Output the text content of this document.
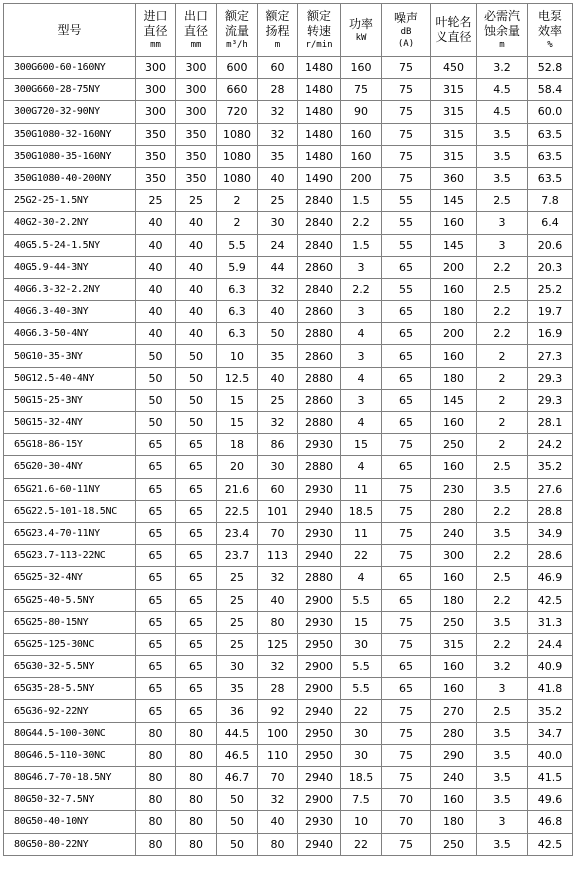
型号	进口
直径
mm	出口
直径
mm	额定
流量
m³/h	额定
扬程
m	额定
转速
r/min	功率
kW	噪声
dB (A)	叶轮名
义直径	必需汽
蚀余量
m	电泵
效率
%

300G600-60-160NY	300	300	600	60	1480	160	75	450	3.2	52.8
300G660-28-75NY	300	300	660	28	1480	75	75	315	4.5	58.4
300G720-32-90NY	300	300	720	32	1480	90	75	315	4.5	60.0
350G1080-32-160NY	350	350	1080	32	1480	160	75	315	3.5	63.5
350G1080-35-160NY	350	350	1080	35	1480	160	75	315	3.5	63.5
350G1080-40-200NY	350	350	1080	40	1490	200	75	360	3.5	63.5
25G2-25-1.5NY	25	25	2	25	2840	1.5	55	145	2.5	7.8
40G2-30-2.2NY	40	40	2	30	2840	2.2	55	160	3	6.4
40G5.5-24-1.5NY	40	40	5.5	24	2840	1.5	55	145	3	20.6
40G5.9-44-3NY	40	40	5.9	44	2860	3	65	200	2.2	20.3
40G6.3-32-2.2NY	40	40	6.3	32	2840	2.2	55	160	2.5	25.2
40G6.3-40-3NY	40	40	6.3	40	2860	3	65	180	2.2	19.7
40G6.3-50-4NY	40	40	6.3	50	2880	4	65	200	2.2	16.9
50G10-35-3NY	50	50	10	35	2860	3	65	160	2	27.3
50G12.5-40-4NY	50	50	12.5	40	2880	4	65	180	2	29.3
50G15-25-3NY	50	50	15	25	2860	3	65	145	2	29.3
50G15-32-4NY	50	50	15	32	2880	4	65	160	2	28.1
65G18-86-15Y	65	65	18	86	2930	15	75	250	2	24.2
65G20-30-4NY	65	65	20	30	2880	4	65	160	2.5	35.2
65G21.6-60-11NY	65	65	21.6	60	2930	11	75	230	3.5	27.6
65G22.5-101-18.5NC	65	65	22.5	101	2940	18.5	75	280	2.2	28.8
65G23.4-70-11NY	65	65	23.4	70	2930	11	75	240	3.5	34.9
65G23.7-113-22NC	65	65	23.7	113	2940	22	75	300	2.2	28.6
65G25-32-4NY	65	65	25	32	2880	4	65	160	2.5	46.9
65G25-40-5.5NY	65	65	25	40	2900	5.5	65	180	2.2	42.5
65G25-80-15NY	65	65	25	80	2930	15	75	250	3.5	31.3
65G25-125-30NC	65	65	25	125	2950	30	75	315	2.2	24.4
65G30-32-5.5NY	65	65	30	32	2900	5.5	65	160	3.2	40.9
65G35-28-5.5NY	65	65	35	28	2900	5.5	65	160	3	41.8
65G36-92-22NY	65	65	36	92	2940	22	75	270	2.5	35.2
80G44.5-100-30NC	80	80	44.5	100	2950	30	75	280	3.5	34.7
80G46.5-110-30NC	80	80	46.5	110	2950	30	75	290	3.5	40.0
80G46.7-70-18.5NY	80	80	46.7	70	2940	18.5	75	240	3.5	41.5
80G50-32-7.5NY	80	80	50	32	2900	7.5	70	160	3.5	49.6
80G50-40-10NY	80	80	50	40	2930	10	70	180	3	46.8
80G50-80-22NY	80	80	50	80	2940	22	75	250	3.5	42.5
